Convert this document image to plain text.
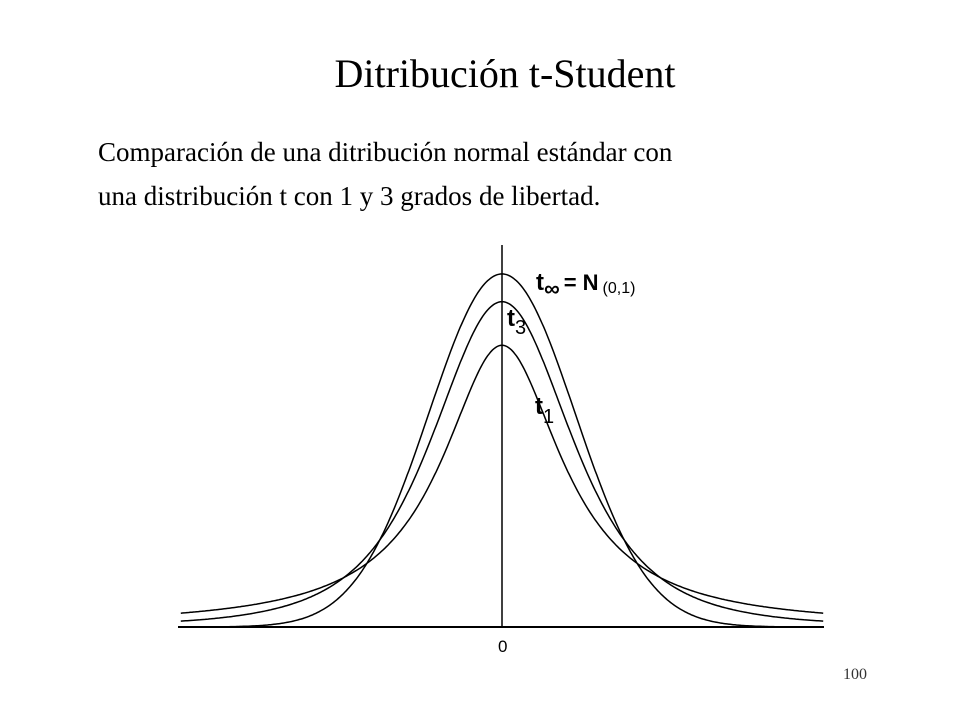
Ditribución t-Student

Comparación de una ditribución normal estándar con
una distribución t con 1 y 3 grados de libertad.

0
t∞ = N (0,1)
$t_3$
$t_1$
100
